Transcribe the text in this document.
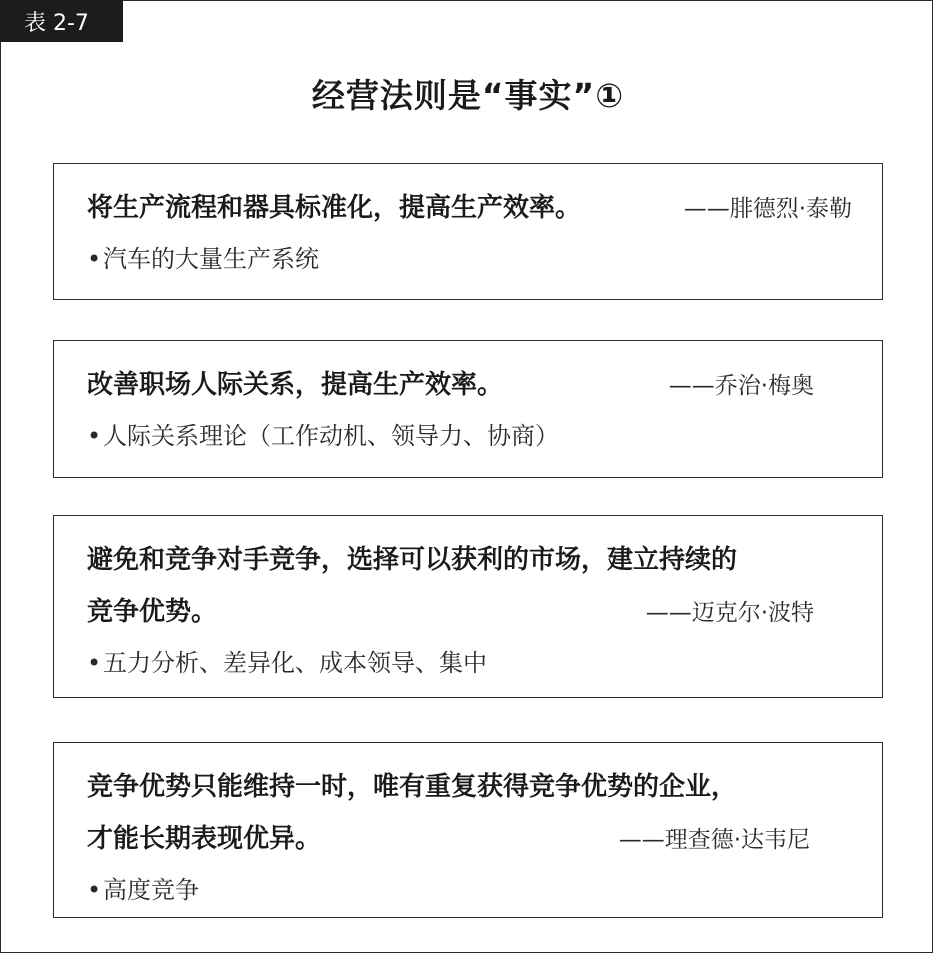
表 2-7
经营法则是“事实”①
将生产流程和器具标准化，提高生产效率。	——腓德烈·泰勒
•汽车的大量生产系统
改善职场人际关系，提高生产效率。	——乔治·梅奥
•人际关系理论（工作动机、领导力、协商）
避免和竞争对手竞争，选择可以获利的市场，建立持续的
竞争优势。	——迈克尔·波特
•五力分析、差异化、成本领导、集中
竞争优势只能维持一时，唯有重复获得竞争优势的企业，
才能长期表现优异。	——理查德·达韦尼
•高度竞争
